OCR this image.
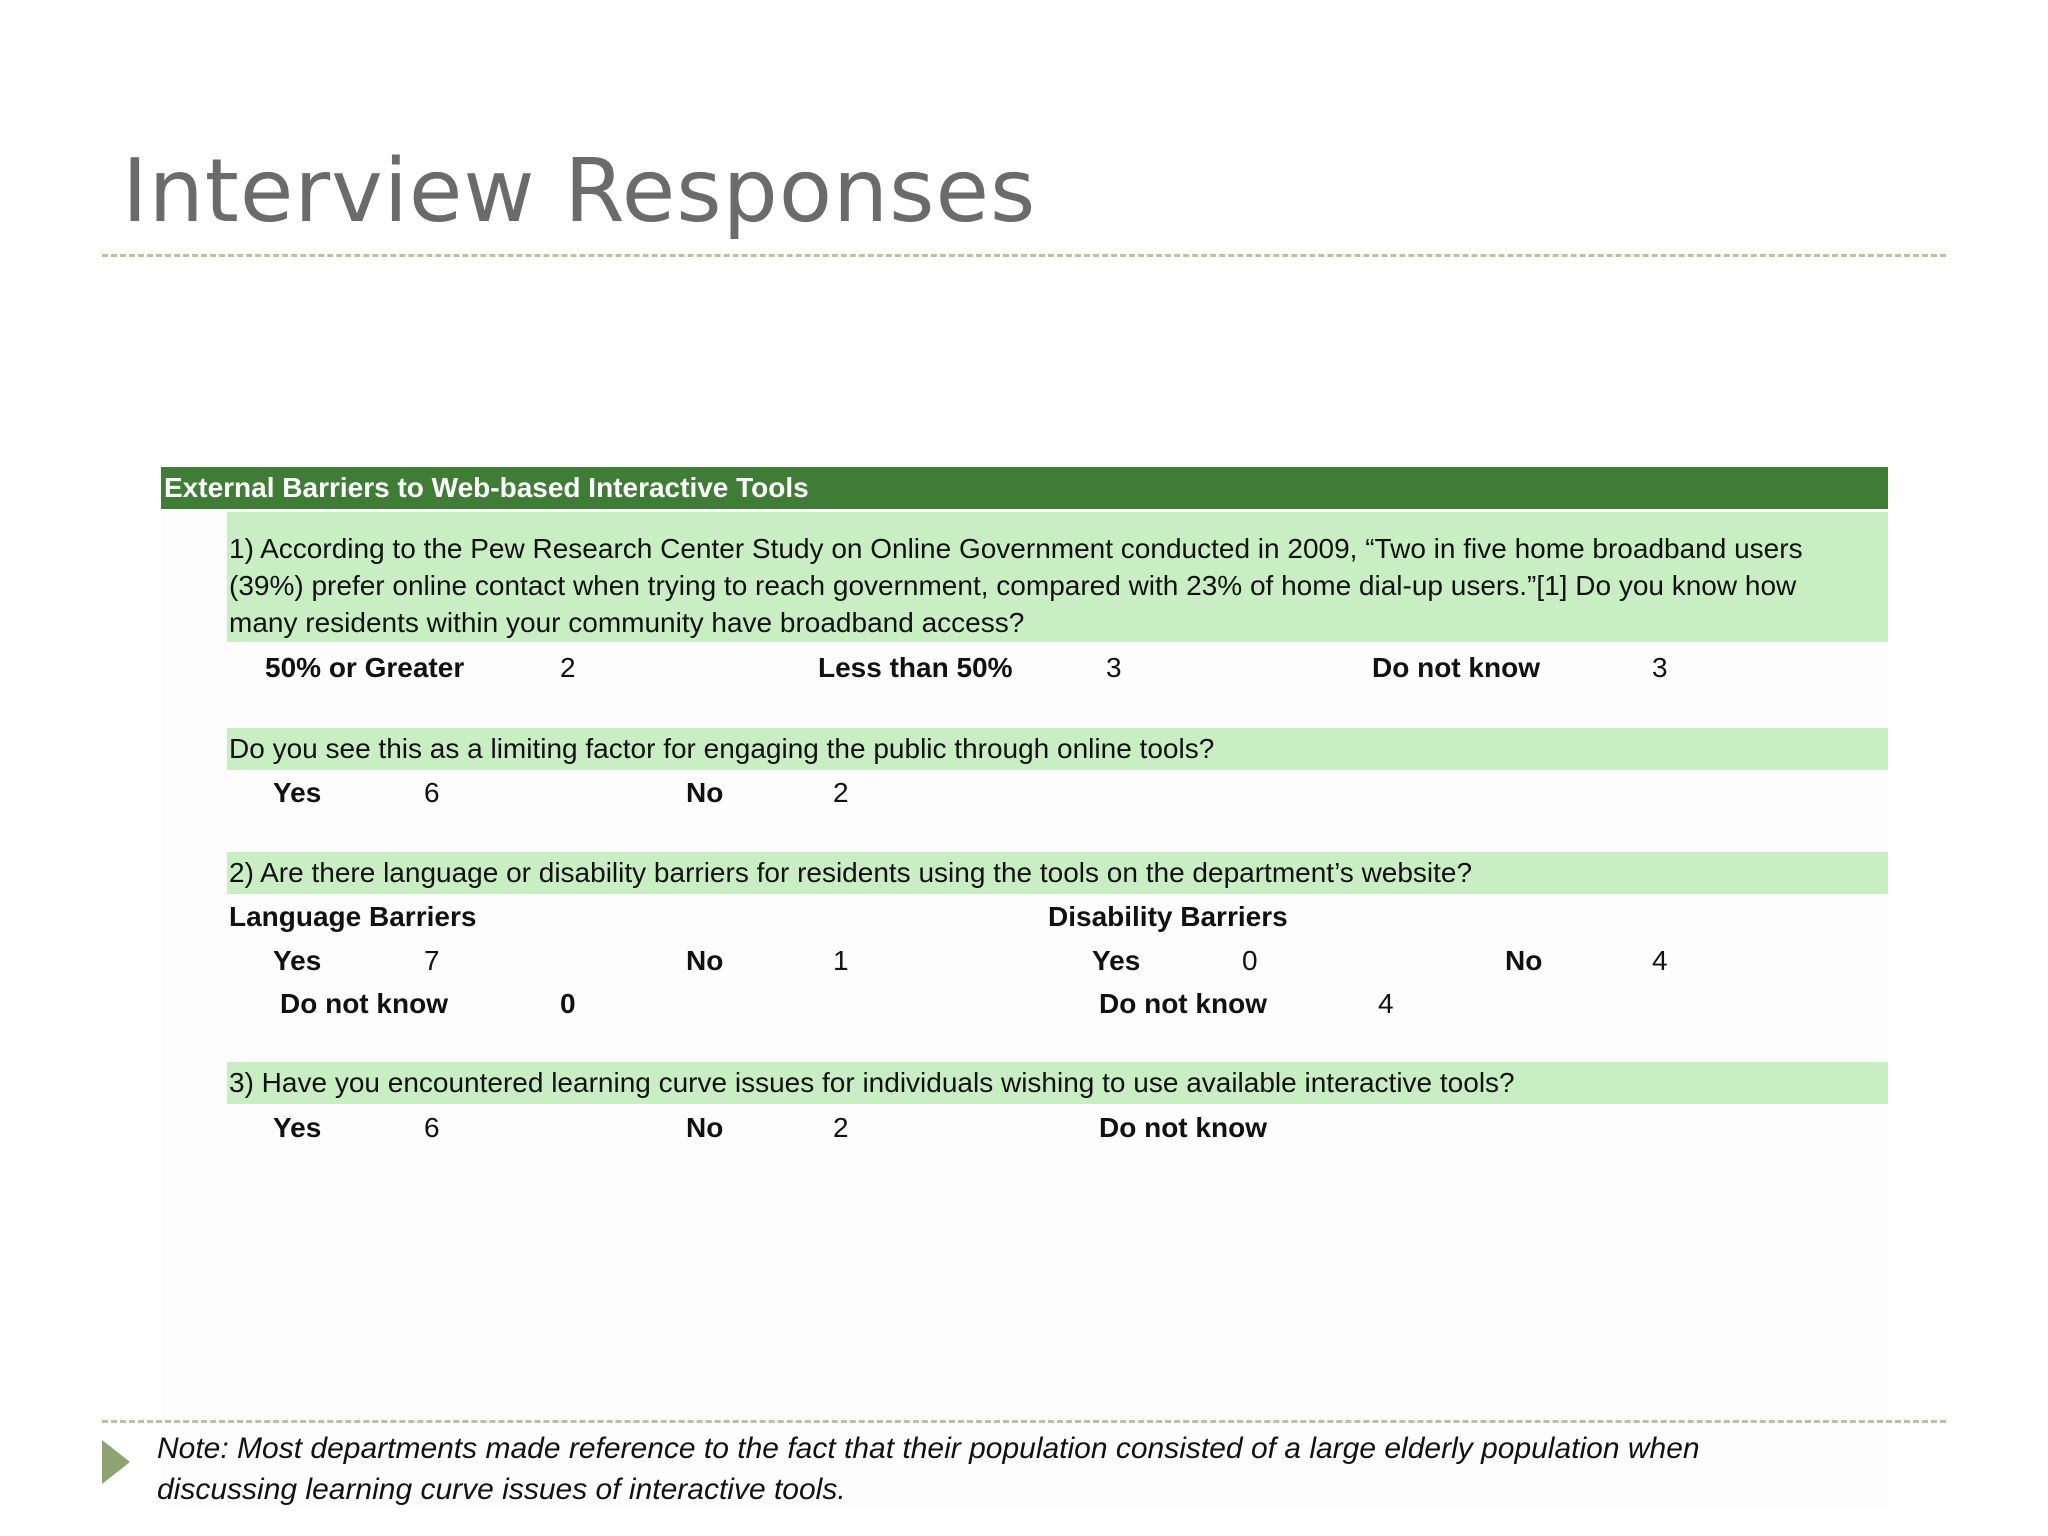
Interview Responses
External Barriers to Web-based Interactive Tools
1) According to the Pew Research Center Study on Online Government conducted in 2009, “Two in five home broadband users
(39%) prefer online contact when trying to reach government, compared with 23% of home dial-up users.”[1] Do you know how
many residents within your community have broadband access?
50% or Greater	2	Less than 50%	3	Do not know	3
Do you see this as a limiting factor for engaging the public through online tools?
Yes	6	No	2
2) Are there language or disability barriers for residents using the tools on the department’s website?
Language Barriers	Disability Barriers
Yes	7	No	1	Yes	0	No	4
Do not know	0	Do not know	4
3) Have you encountered learning curve issues for individuals wishing to use available interactive tools?
Yes	6	No	2	Do not know
Note: Most departments made reference to the fact that their population consisted of a large elderly population when
discussing learning curve issues of interactive tools.
